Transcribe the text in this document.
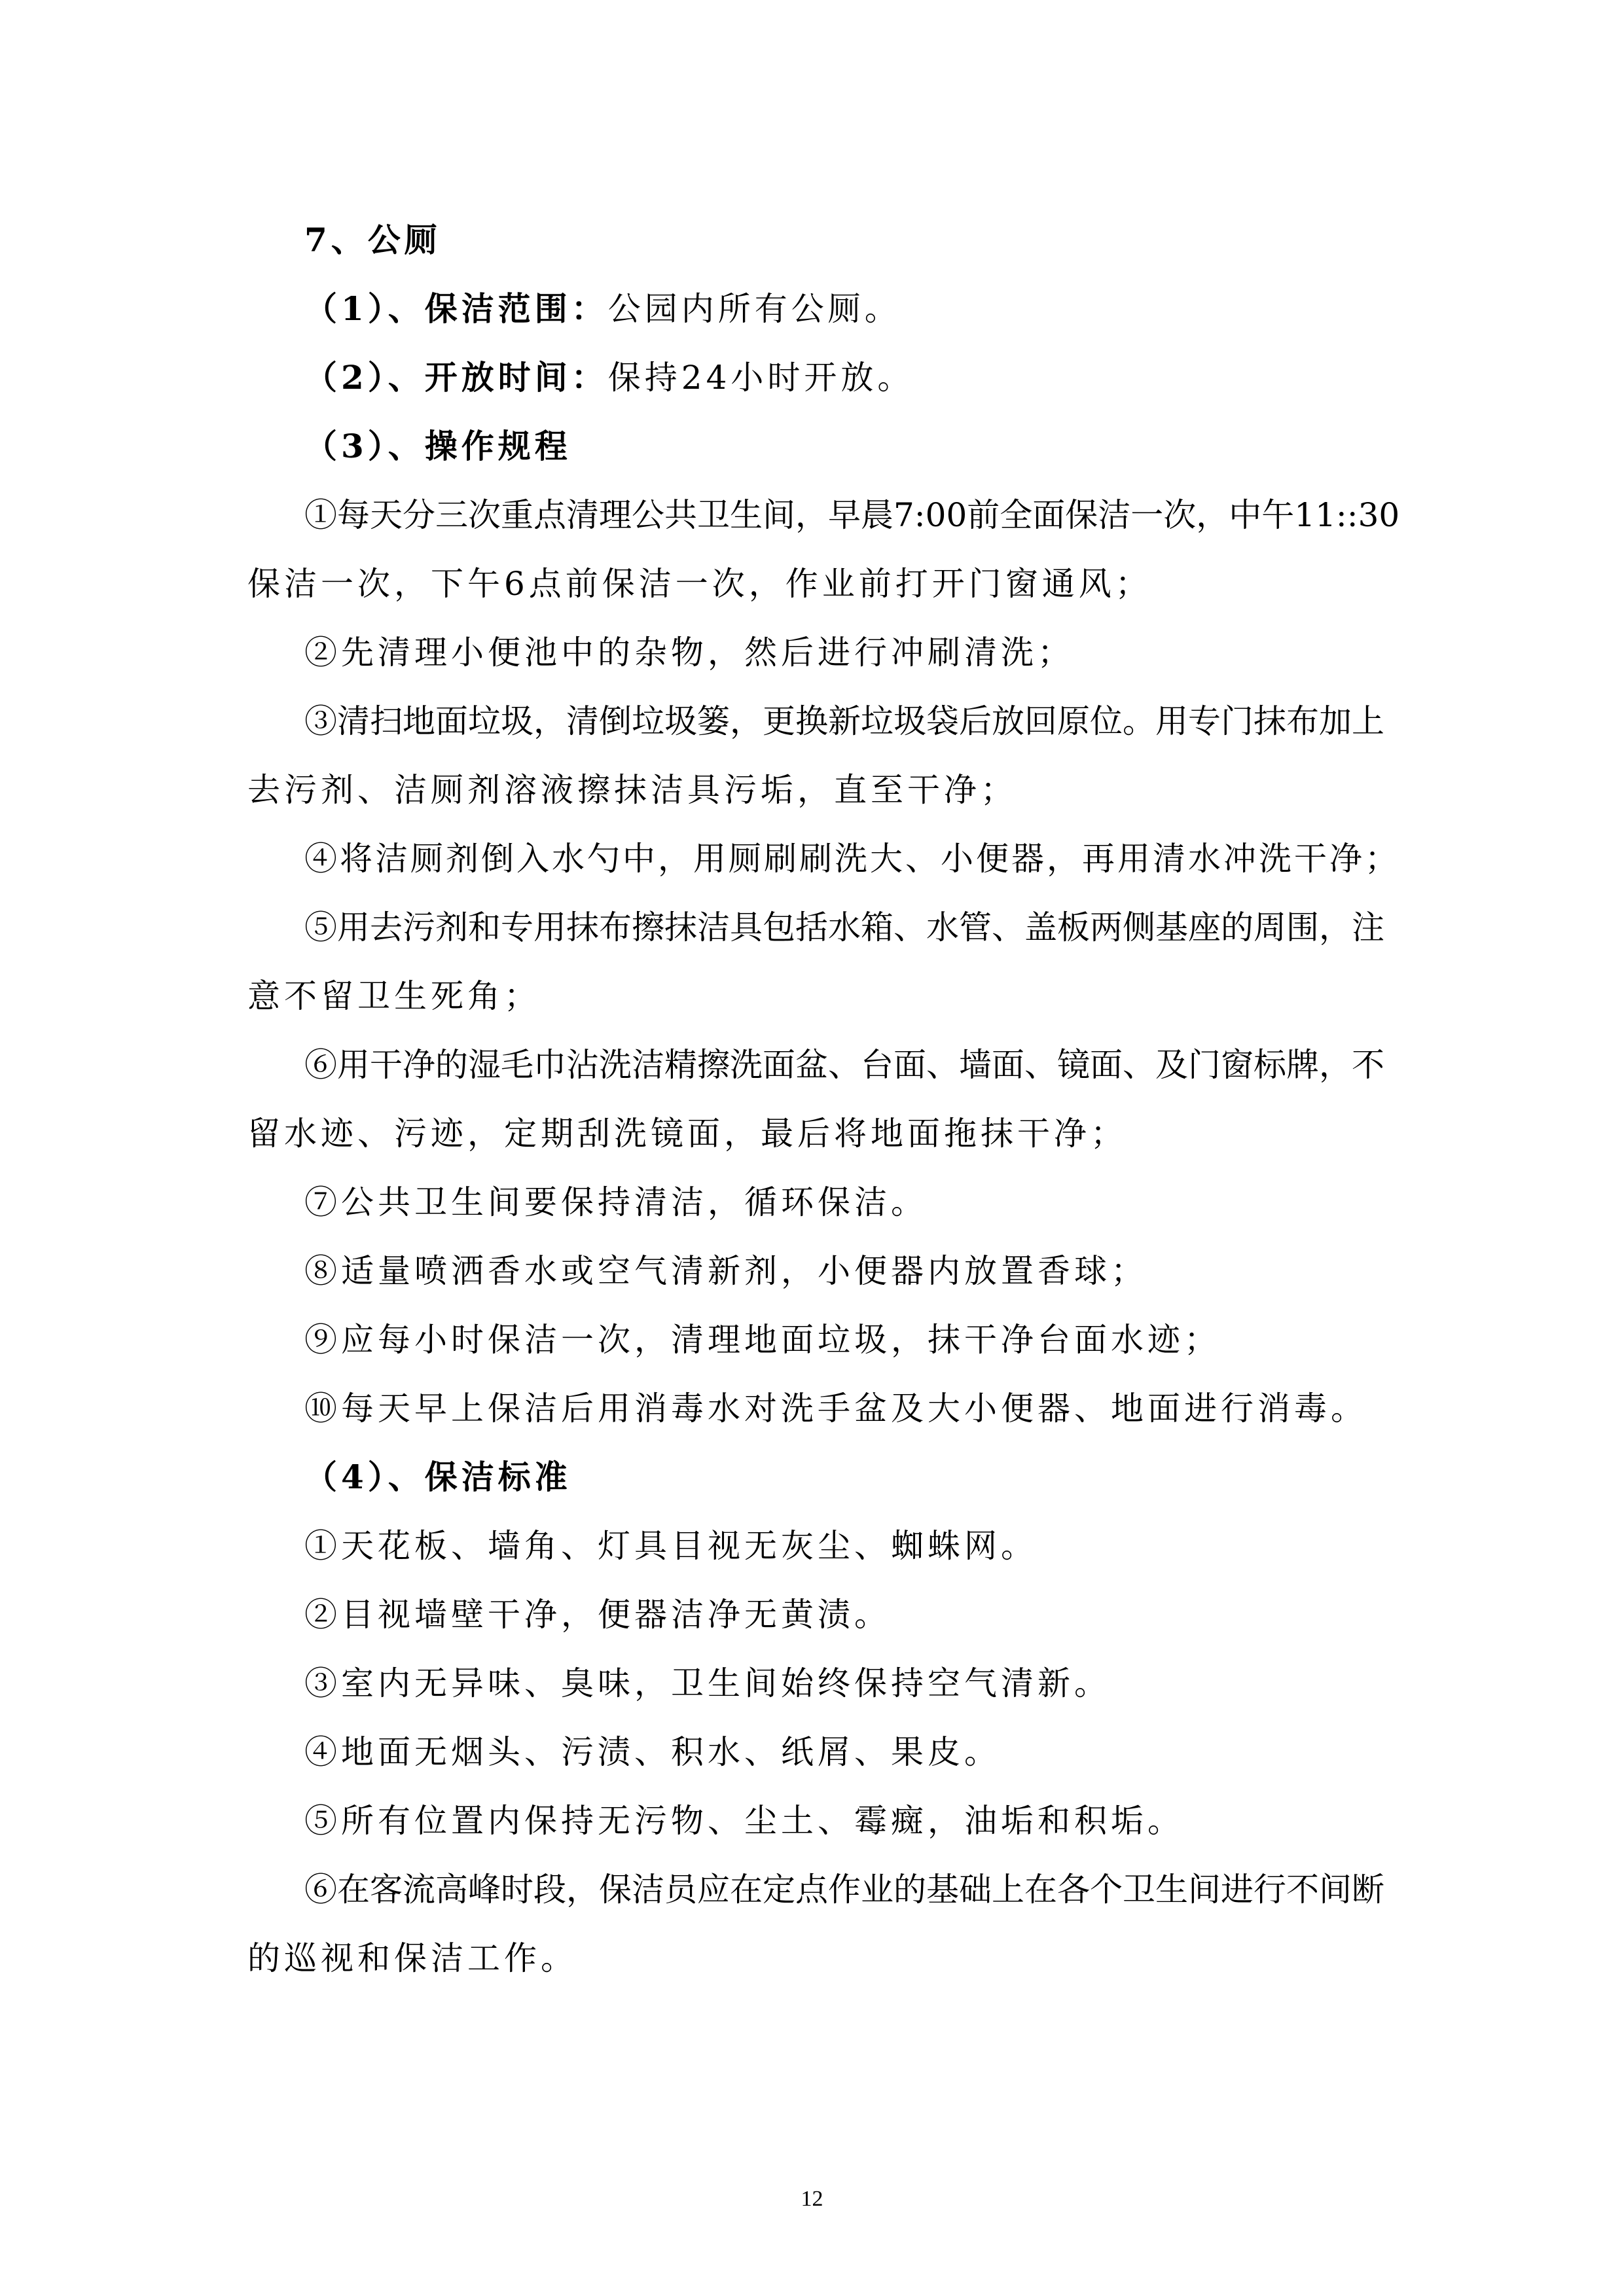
7、公厕
（1）、保洁范围：公园内所有公厕。
（2）、开放时间：保持24小时开放。
（3）、操作规程
①每天分三次重点清理公共卫生间，早晨7:00前全面保洁一次，中午11::30
保洁一次，下午6点前保洁一次，作业前打开门窗通风；
②先清理小便池中的杂物，然后进行冲刷清洗；
③清扫地面垃圾，清倒垃圾篓，更换新垃圾袋后放回原位。用专门抹布加上
去污剂、洁厕剂溶液擦抹洁具污垢，直至干净；
④将洁厕剂倒入水勺中，用厕刷刷洗大、小便器，再用清水冲洗干净；
⑤用去污剂和专用抹布擦抹洁具包括水箱、水管、盖板两侧基座的周围，注
意不留卫生死角；
⑥用干净的湿毛巾沾洗洁精擦洗面盆、台面、墙面、镜面、及门窗标牌，不
留水迹、污迹，定期刮洗镜面，最后将地面拖抹干净；
⑦公共卫生间要保持清洁，循环保洁。
⑧适量喷洒香水或空气清新剂，小便器内放置香球；
⑨应每小时保洁一次，清理地面垃圾，抹干净台面水迹；
⑩每天早上保洁后用消毒水对洗手盆及大小便器、地面进行消毒。
（4）、保洁标准
①天花板、墙角、灯具目视无灰尘、蜘蛛网。
②目视墙壁干净，便器洁净无黄渍。
③室内无异味、臭味，卫生间始终保持空气清新。
④地面无烟头、污渍、积水、纸屑、果皮。
⑤所有位置内保持无污物、尘土、霉癍，油垢和积垢。
⑥在客流高峰时段，保洁员应在定点作业的基础上在各个卫生间进行不间断
的巡视和保洁工作。
12
